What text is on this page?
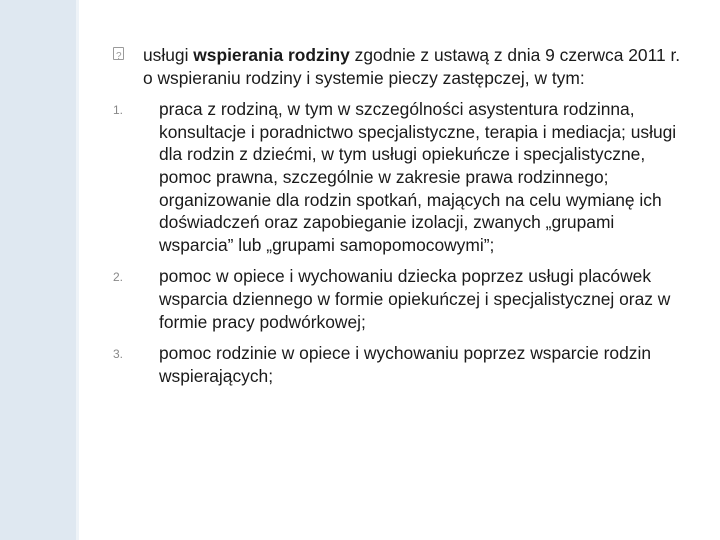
?
usługi wspierania rodziny zgodnie z ustawą z dnia 9 czerwca 2011 r. o wspieraniu rodziny i systemie pieczy zastępczej, w tym:
1. praca z rodziną, w tym w szczególności asystentura rodzinna, konsultacje i poradnictwo specjalistyczne, terapia i mediacja; usługi dla rodzin z dziećmi, w tym usługi opiekuńcze i specjalistyczne, pomoc prawna, szczególnie w zakresie prawa rodzinnego; organizowanie dla rodzin spotkań, mających na celu wymianę ich doświadczeń oraz zapobieganie izolacji, zwanych „grupami wsparcia” lub „grupami samopomocowymi”;
2. pomoc w opiece i wychowaniu dziecka poprzez usługi placówek wsparcia dziennego w formie opiekuńczej i specjalistycznej oraz w formie pracy podwórkowej;
3. pomoc rodzinie w opiece i wychowaniu poprzez wsparcie rodzin wspierających;
